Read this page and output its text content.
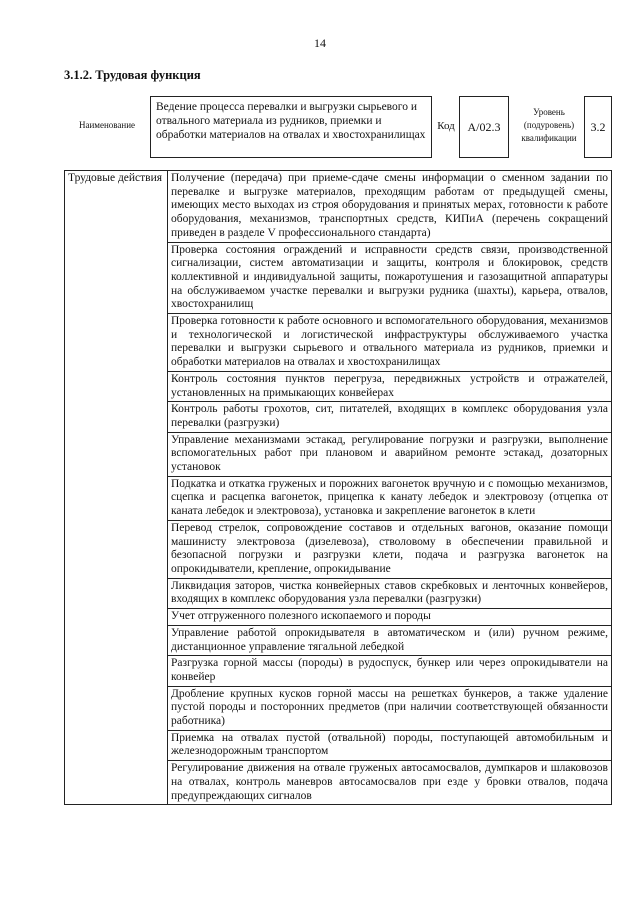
14
3.1.2. Трудовая функция
Наименование
Ведение процесса перевалки и выгрузки сырьевого и отвального материала из рудников, приемки и обработки материалов на отвалах и хвостохранилищах
Код	А/02.3
Уровень (подуровень) квалификации
3.2
Трудовые действия	Получение (передача) при приеме-сдаче смены информации о сменном задании по перевалке и выгрузке материалов, преходящим работам от предыдущей смены, имеющих место выходах из строя оборудования и принятых мерах, готовности к работе оборудования, механизмов, транспортных средств, КИПиА (перечень сокращений приведен в разделе V профессионального стандарта)
Проверка состояния ограждений и исправности средств связи, производственной сигнализации, систем автоматизации и защиты, контроля и блокировок, средств коллективной и индивидуальной защиты, пожаротушения и газозащитной аппаратуры на обслуживаемом участке перевалки и выгрузки рудника (шахты), карьера, отвалов, хвостохранилищ
Проверка готовности к работе основного и вспомогательного оборудования, механизмов и технологической и логистической инфраструктуры обслуживаемого участка перевалки и выгрузки сырьевого и отвального материала из рудников, приемки и обработки материалов на отвалах и хвостохранилищах
Контроль состояния пунктов перегруза, передвижных устройств и отражателей, установленных на примыкающих конвейерах
Контроль работы грохотов, сит, питателей, входящих в комплекс оборудования узла перевалки (разгрузки)
Управление механизмами эстакад, регулирование погрузки и разгрузки, выполнение вспомогательных работ при плановом и аварийном ремонте эстакад, дозаторных установок
Подкатка и откатка груженых и порожних вагонеток вручную и с помощью механизмов, сцепка и расцепка вагонеток, прицепка к канату лебедок и электровозу (отцепка от каната лебедок и электровоза), установка и закрепление вагонеток в клети
Перевод стрелок, сопровождение составов и отдельных вагонов, оказание помощи машинисту электровоза (дизелевоза), стволовому в обеспечении правильной и безопасной погрузки и разгрузки клети, подача и разгрузка вагонеток на опрокидыватели, крепление, опрокидывание
Ликвидация заторов, чистка конвейерных ставов скребковых и ленточных конвейеров, входящих в комплекс оборудования узла перевалки (разгрузки)
Учет отгруженного полезного ископаемого и породы
Управление работой опрокидывателя в автоматическом и (или) ручном режиме, дистанционное управление тягальной лебедкой
Разгрузка горной массы (породы) в рудоспуск, бункер или через опрокидыватели на конвейер
Дробление крупных кусков горной массы на решетках бункеров, а также удаление пустой породы и посторонних предметов (при наличии соответствующей обязанности работника)
Приемка на отвалах пустой (отвальной) породы, поступающей автомобильным и железнодорожным транспортом
Регулирование движения на отвале груженых автосамосвалов, думпкаров и шлаковозов на отвалах, контроль маневров автосамосвалов при езде у бровки отвалов, подача предупреждающих сигналов
